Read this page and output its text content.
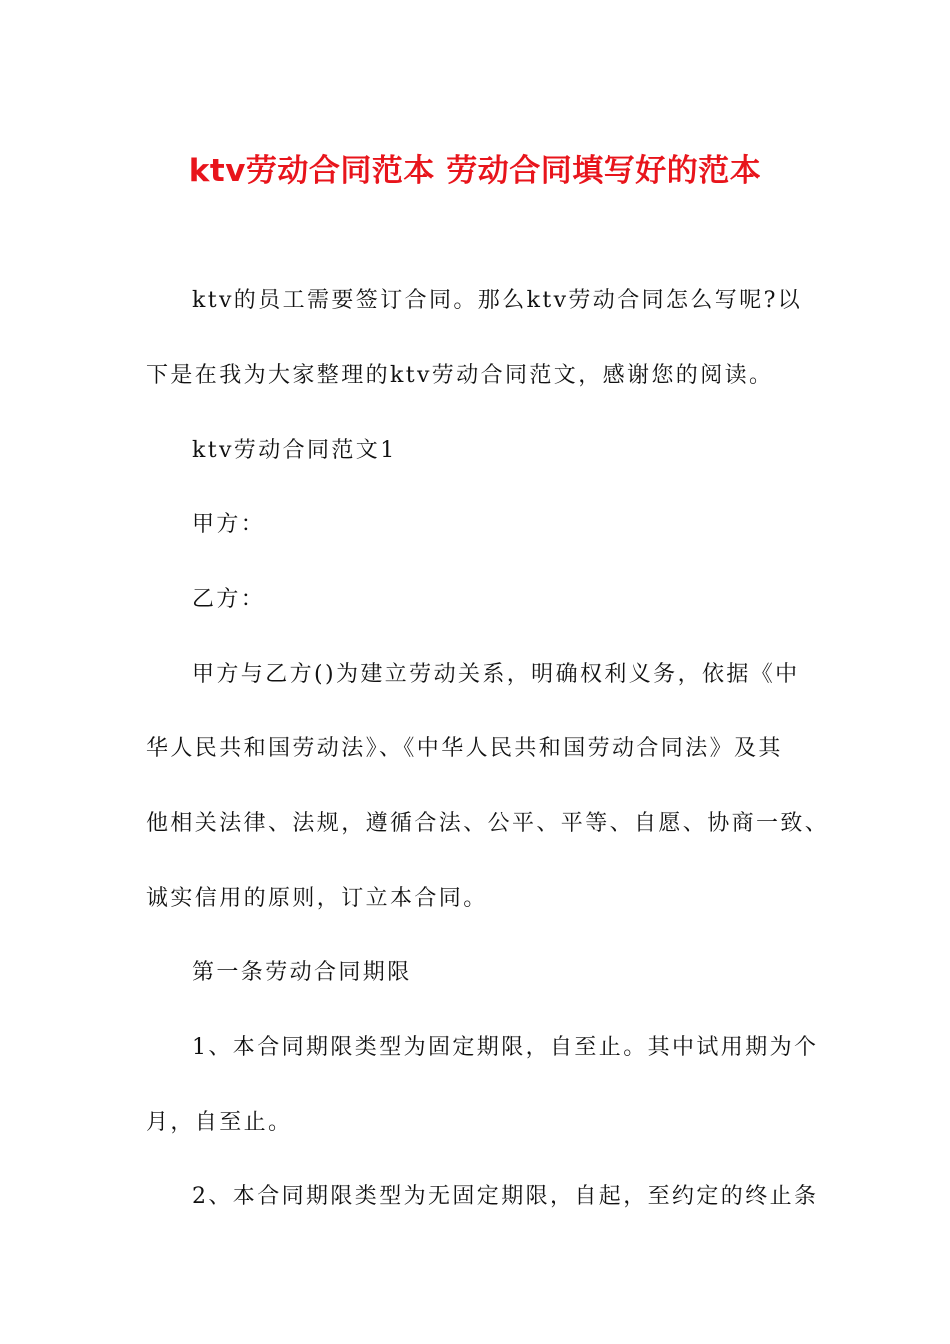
ktv劳动合同范本 劳动合同填写好的范本
ktv的员工需要签订合同。那么ktv劳动合同怎么写呢?以
下是在我为大家整理的ktv劳动合同范文，感谢您的阅读。
ktv劳动合同范文1
甲方：
乙方：
甲方与乙方()为建立劳动关系，明确权利义务，依据《中
华人民共和国劳动法》、《中华人民共和国劳动合同法》及其
他相关法律、法规，遵循合法、公平、平等、自愿、协商一致、
诚实信用的原则，订立本合同。
第一条劳动合同期限
1、本合同期限类型为固定期限，自至止。其中试用期为个
月，自至止。
2、本合同期限类型为无固定期限，自起，至约定的终止条
